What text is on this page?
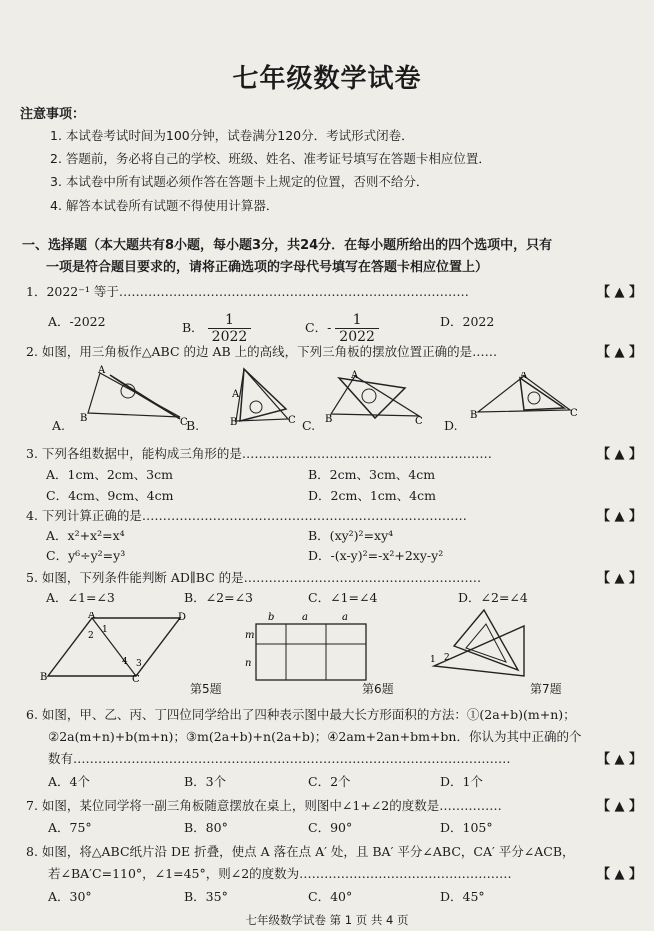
七年级数学试卷
注意事项：
1. 本试卷考试时间为100分钟，试卷满分120分．考试形式闭卷．
2. 答题前，务必将自己的学校、班级、姓名、准考证号填写在答题卡相应位置．
3. 本试卷中所有试题必须作答在答题卡上规定的位置，否则不给分．
4. 解答本试卷所有试题不得使用计算器．
一、选择题（本大题共有8小题，每小题3分，共24分．在每小题所给出的四个选项中，只有
一项是符合题目要求的，请将正确选项的字母代号填写在答题卡相应位置上）
1．2022⁻¹ 等于…………………………………………………………………………	【 ▲ 】
A．-2022	B． $\frac{1}{2022}$	C．- $\frac{1}{2022}$	D．2022
2. 如图，用三角板作△ABC 的边 AB 上的高线，下列三角板的摆放位置正确的是……	【 ▲ 】
A
B	C
A
B	C
A
B	C
A
B	C
A.	B.	C.	D.
3. 下列各组数据中，能构成三角形的是……………………………………………………	【 ▲ 】
A．1cm、2cm、3cm	B．2cm、3cm、4cm
C．4cm、9cm、4cm	D．2cm、1cm、4cm
4. 下列计算正确的是……………………………………………………………………	【 ▲ 】
A．x²+x²=x⁴	B．(xy²)²=xy⁴
C．y⁶÷y²=y³	D．-(x-y)²=-x²+2xy-y²
5. 如图，下列条件能判断 AD∥BC 的是…………………………………………………	【 ▲ 】
A．∠1=∠3	B．∠2=∠3	C．∠1=∠4	D．∠2=∠4
A	D
B	C
1
2
3
4
第5题
b	a	a
m
n
第6题
1 2
第7题
6. 如图，甲、乙、丙、丁四位同学给出了四种表示图中最大长方形面积的方法：①(2a+b)(m+n)；
②2a(m+n)+b(m+n)；③m(2a+b)+n(2a+b)；④2am+2an+bm+bn．你认为其中正确的个
数有……………………………………………………………………………………………	【 ▲ 】
A．4个	B．3个	C．2个	D．1个
7. 如图，某位同学将一副三角板随意摆放在桌上，则图中∠1+∠2的度数是……………	【 ▲ 】
A．75°	B．80°	C．90°	D．105°
8. 如图，将△ABC纸片沿 DE 折叠，使点 A 落在点 A′ 处，且 BA′ 平分∠ABC，CA′ 平分∠ACB，
若∠BA′C=110°，∠1=45°，则∠2的度数为……………………………………………	【 ▲ 】
A．30°	B．35°	C．40°	D．45°
七年级数学试卷 第 1 页 共 4 页
